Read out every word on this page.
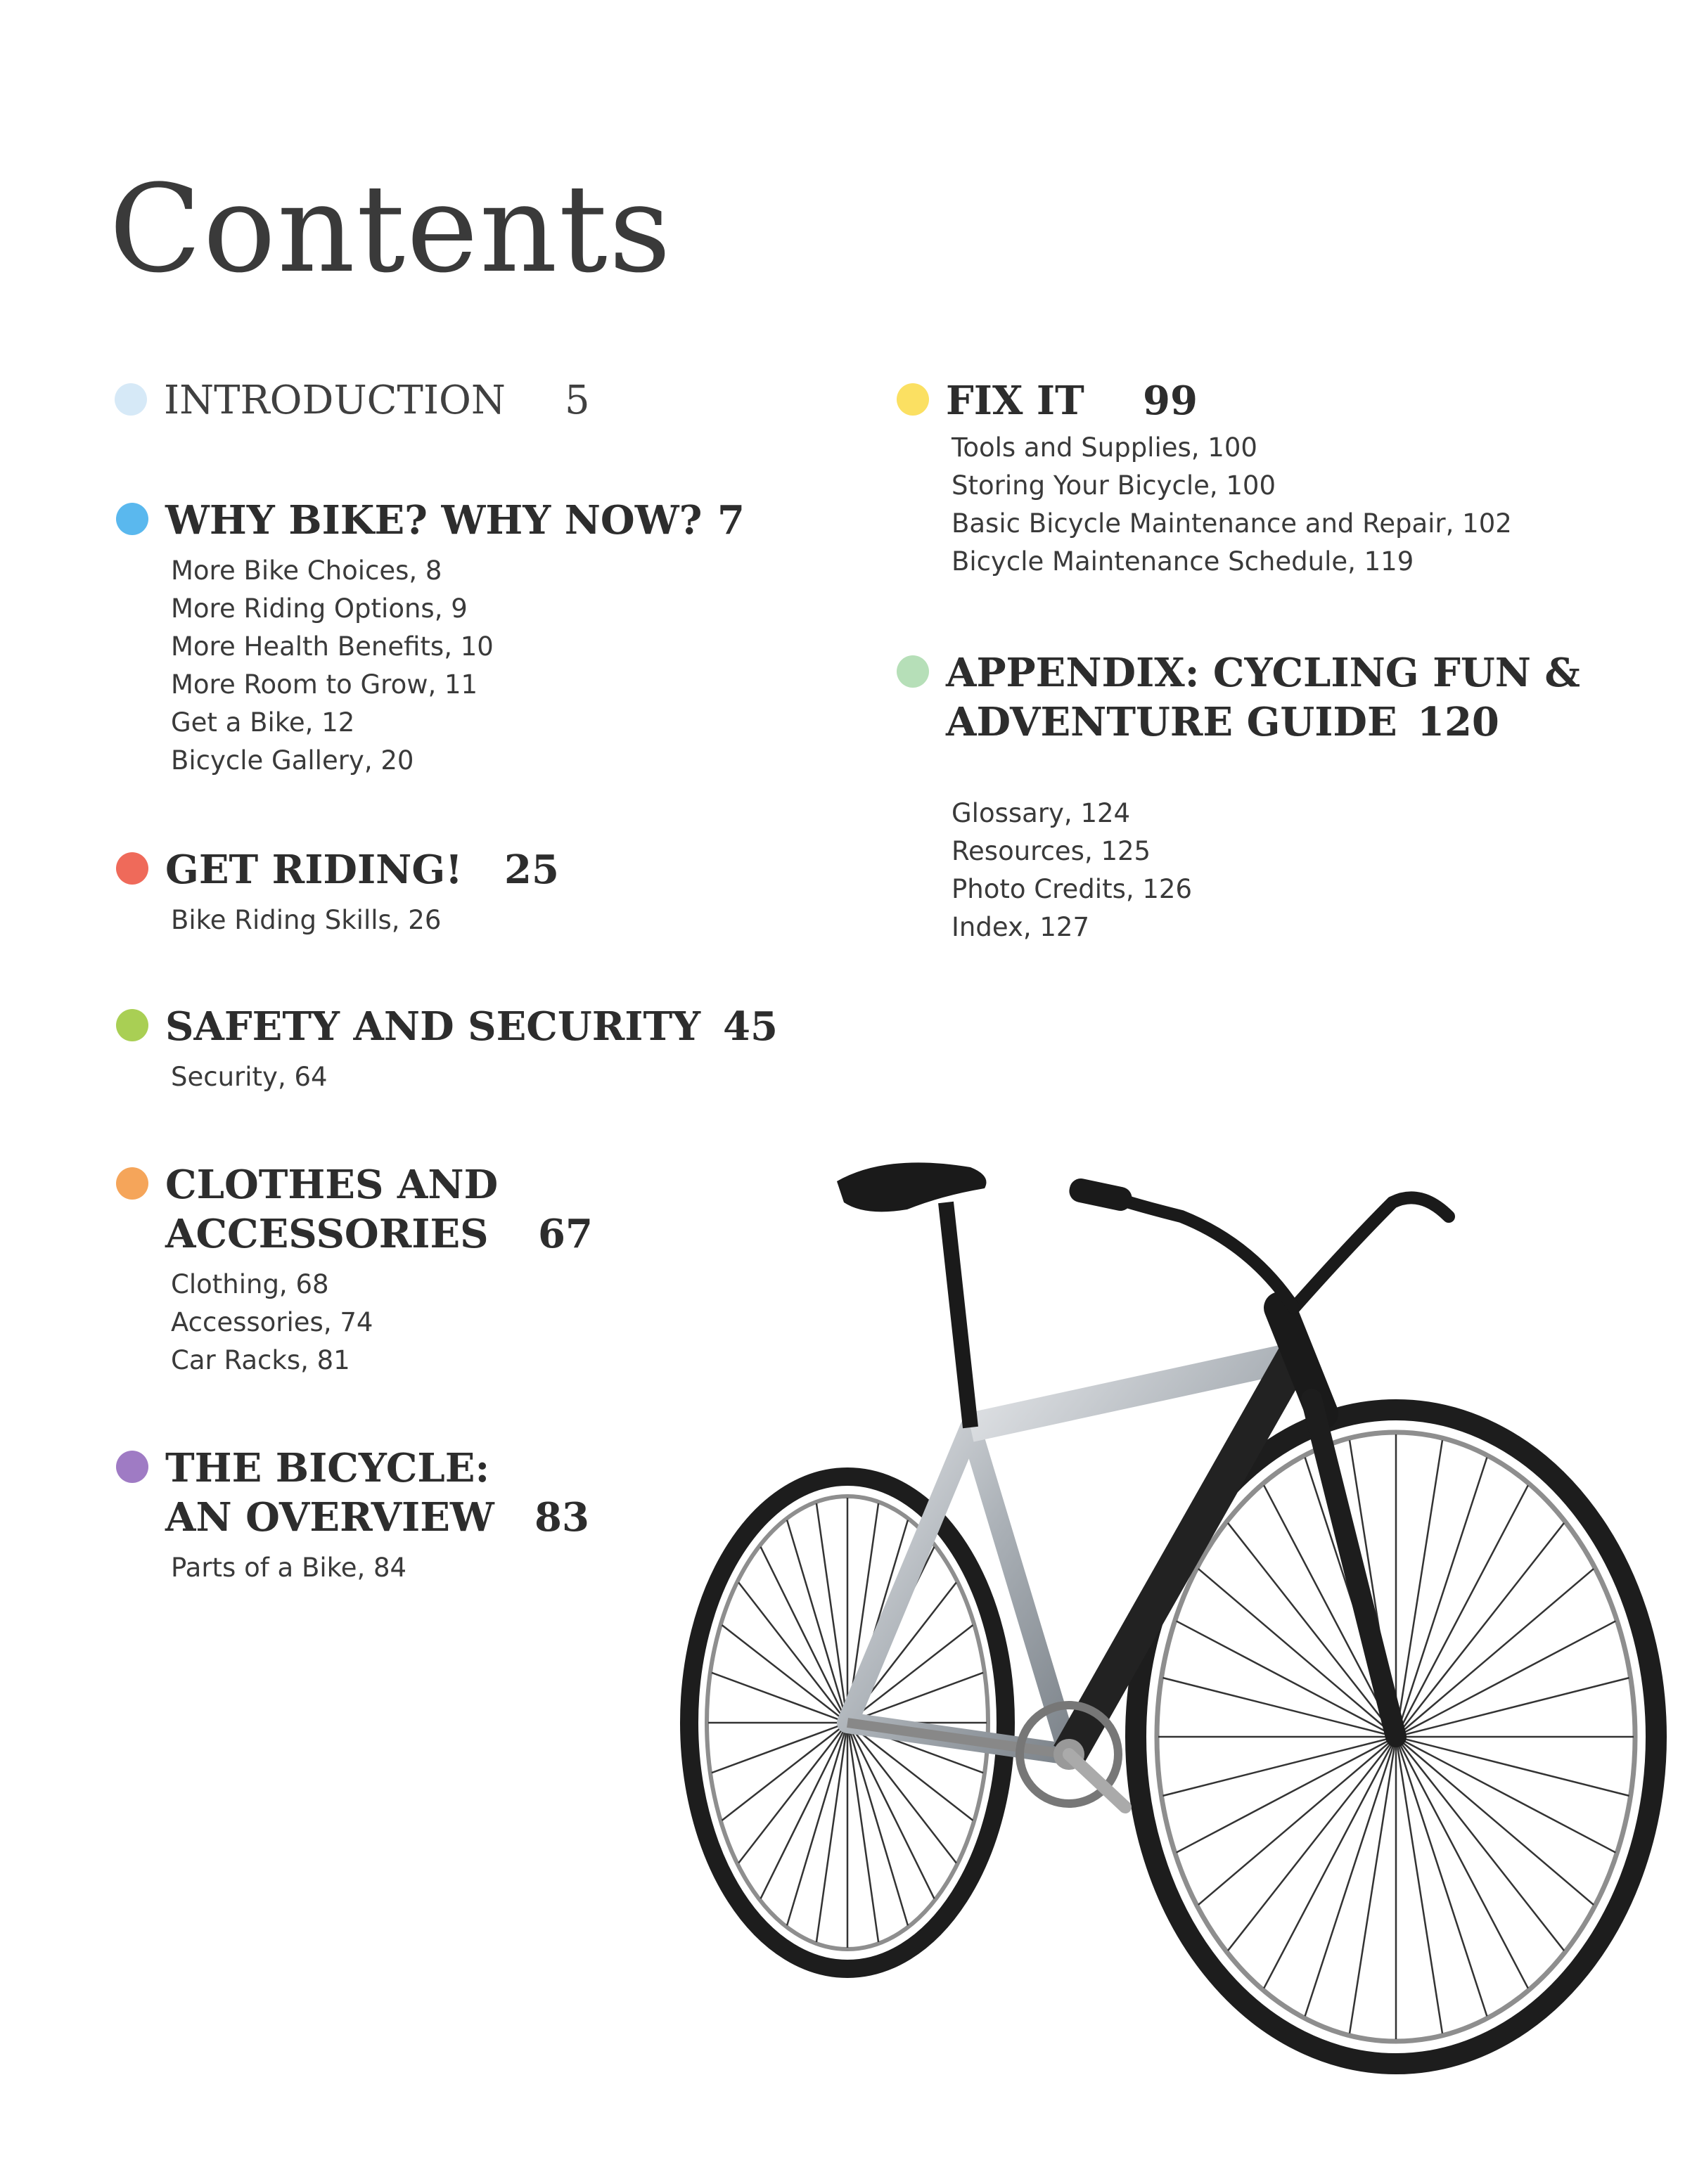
Contents
INTRODUCTION 5
WHY BIKE? WHY NOW? 7
More Bike Choices, 8
More Riding Options, 9
More Health Benefits, 10
More Room to Grow, 11
Get a Bike, 12
Bicycle Gallery, 20
GET RIDING! 25
Bike Riding Skills, 26
SAFETY AND SECURITY 45
Security, 64
CLOTHES AND
ACCESSORIES 67
Clothing, 68
Accessories, 74
Car Racks, 81
THE BICYCLE:
AN OVERVIEW 83
Parts of a Bike, 84
FIX IT	99
Tools and Supplies, 100
Storing Your Bicycle, 100
Basic Bicycle Maintenance and Repair, 102
Bicycle Maintenance Schedule, 119
APPENDIX: CYCLING FUN &
ADVENTURE GUIDE 120
Glossary, 124
Resources, 125
Photo Credits, 126
Index, 127
